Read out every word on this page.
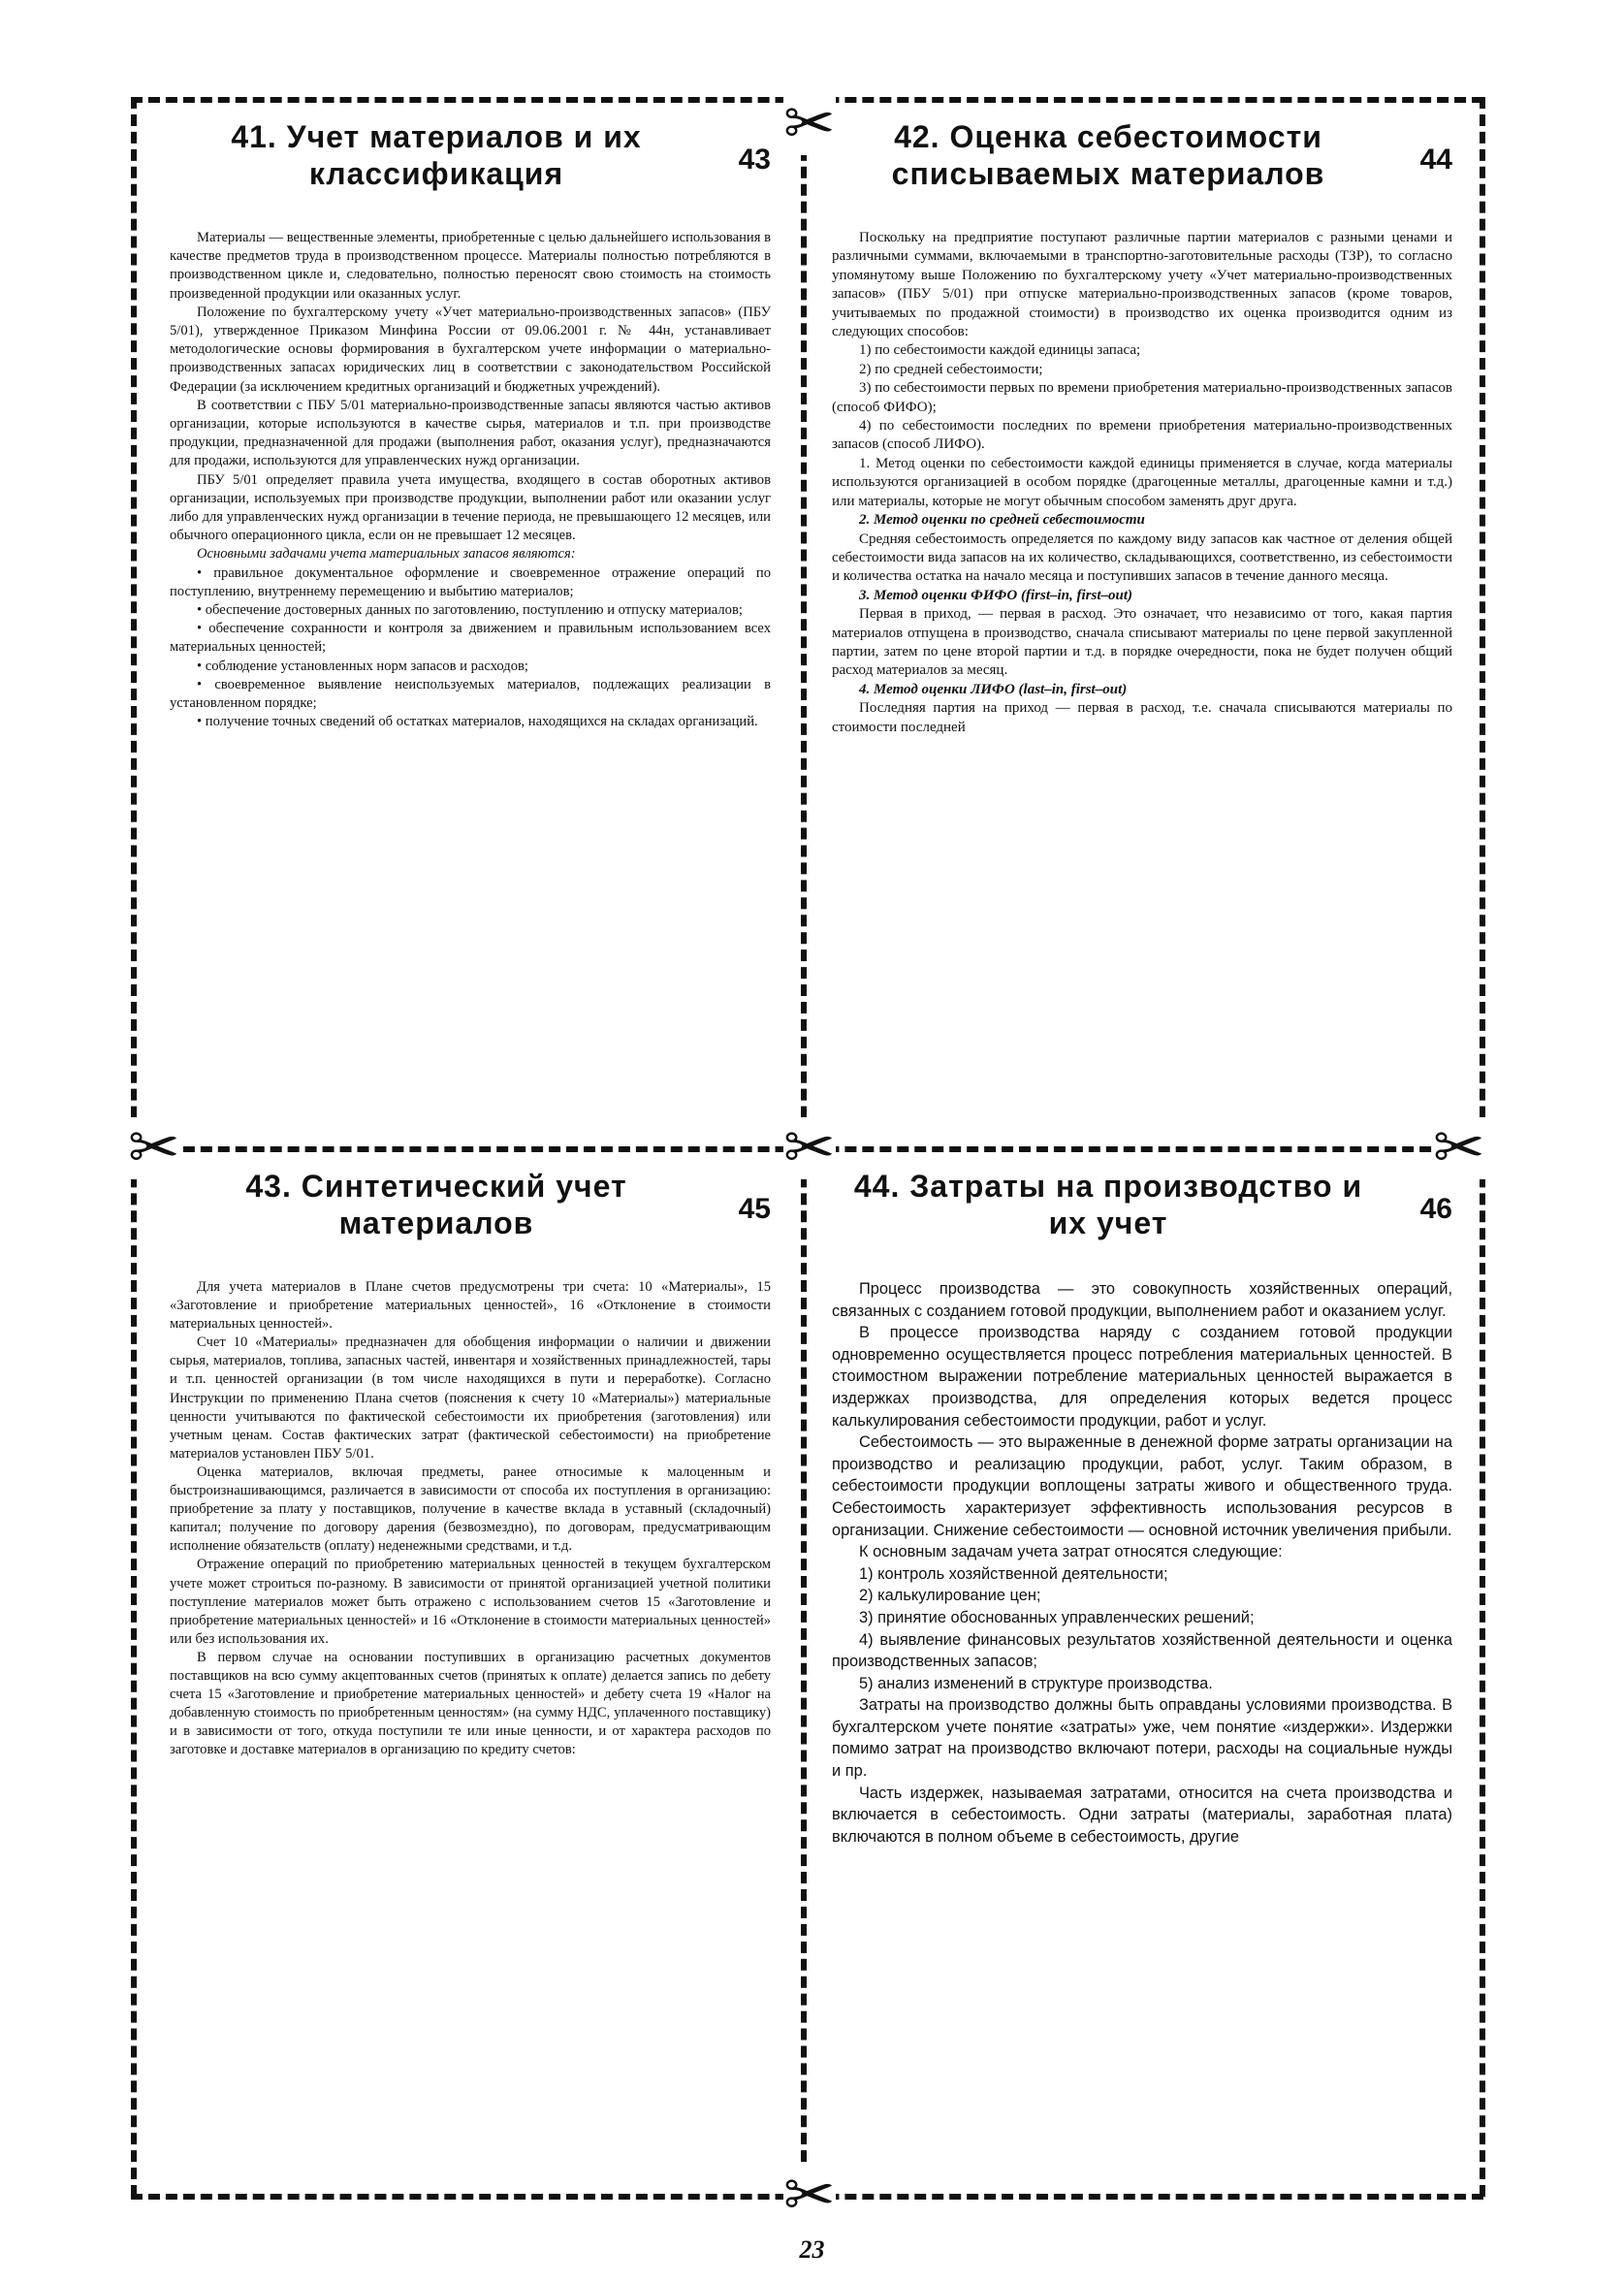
✂
✂	✂	✂
✂
41. Учет материалов и их классификация	43

Материалы — вещественные элементы, приобретенные с целью дальнейшего использования в качестве предметов труда в производственном процессе. Материалы полностью потребляются в производственном цикле и, следовательно, полностью переносят свою стоимость на стоимость произведенной продукции или оказанных услуг.

Положение по бухгалтерскому учету «Учет материально-производственных запасов» (ПБУ 5/01), утвержденное Приказом Минфина России от 09.06.2001 г. № 44н, устанавливает методологические основы формирования в бухгалтерском учете информации о материально-производственных запасах юридических лиц в соответствии с законодательством Российской Федерации (за исключением кредитных организаций и бюджетных учреждений).

В соответствии с ПБУ 5/01 материально-производственные запасы являются частью активов организации, которые используются в качестве сырья, материалов и т.п. при производстве продукции, предназначенной для продажи (выполнения работ, оказания услуг), предназначаются для продажи, используются для управленческих нужд организации.

ПБУ 5/01 определяет правила учета имущества, входящего в состав оборотных активов организации, используемых при производстве продукции, выполнении работ или оказании услуг либо для управленческих нужд организации в течение периода, не превышающего 12 месяцев, или обычного операционного цикла, если он не превышает 12 месяцев.

Основными задачами учета материальных запасов являются:

• правильное документальное оформление и своевременное отражение операций по поступлению, внутреннему перемещению и выбытию материалов;

• обеспечение достоверных данных по заготовлению, поступлению и отпуску материалов;

• обеспечение сохранности и контроля за движением и правильным использованием всех материальных ценностей;

• соблюдение установленных норм запасов и расходов;

• своевременное выявление неиспользуемых материалов, подлежащих реализации в установленном порядке;

• получение точных сведений об остатках материалов, находящихся на складах организаций.

42. Оценка себестоимости списываемых материалов	44

Поскольку на предприятие поступают различные партии материалов с разными ценами и различными суммами, включаемыми в транспортно-заготовительные расходы (ТЗР), то согласно упомянутому выше Положению по бухгалтерскому учету «Учет материально-производственных запасов» (ПБУ 5/01) при отпуске материально-производственных запасов (кроме товаров, учитываемых по продажной стоимости) в производство их оценка производится одним из следующих способов:

1) по себестоимости каждой единицы запаса;

2) по средней себестоимости;

3) по себестоимости первых по времени приобретения материально-производственных запасов (способ ФИФО);

4) по себестоимости последних по времени приобретения материально-производственных запасов (способ ЛИФО).

1. Метод оценки по себестоимости каждой единицы применяется в случае, когда материалы используются организацией в особом порядке (драгоценные металлы, драгоценные камни и т.д.) или материалы, которые не могут обычным способом заменять друг друга.

2. Метод оценки по средней себестоимости

Средняя себестоимость определяется по каждому виду запасов как частное от деления общей себестоимости вида запасов на их количество, складывающихся, соответственно, из себестоимости и количества остатка на начало месяца и поступивших запасов в течение данного месяца.

3. Метод оценки ФИФО (first–in, first–out)

Первая в приход, — первая в расход. Это означает, что независимо от того, какая партия материалов отпущена в производство, сначала списывают материалы по цене первой закупленной партии, затем по цене второй партии и т.д. в порядке очередности, пока не будет получен общий расход материалов за месяц.

4. Метод оценки ЛИФО (last–in, first–out)

Последняя партия на приход — первая в расход, т.е. сначала списываются материалы по стоимости последней

43. Синтетический учет материалов	45

Для учета материалов в Плане счетов предусмотрены три счета: 10 «Материалы», 15 «Заготовление и приобретение материальных ценностей», 16 «Отклонение в стоимости материальных ценностей».

Счет 10 «Материалы» предназначен для обобщения информации о наличии и движении сырья, материалов, топлива, запасных частей, инвентаря и хозяйственных принадлежностей, тары и т.п. ценностей организации (в том числе находящихся в пути и переработке). Согласно Инструкции по применению Плана счетов (пояснения к счету 10 «Материалы») материальные ценности учитываются по фактической себестоимости их приобретения (заготовления) или учетным ценам. Состав фактических затрат (фактической себестоимости) на приобретение материалов установлен ПБУ 5/01.

Оценка материалов, включая предметы, ранее относимые к малоценным и быстроизнашивающимся, различается в зависимости от способа их поступления в организацию: приобретение за плату у поставщиков, получение в качестве вклада в уставный (складочный) капитал; получение по договору дарения (безвозмездно), по договорам, предусматривающим исполнение обязательств (оплату) неденежными средствами, и т.д.

Отражение операций по приобретению материальных ценностей в текущем бухгалтерском учете может строиться по-разному. В зависимости от принятой организацией учетной политики поступление материалов может быть отражено с использованием счетов 15 «Заготовление и приобретение материальных ценностей» и 16 «Отклонение в стоимости материальных ценностей» или без использования их.

В первом случае на основании поступивших в организацию расчетных документов поставщиков на всю сумму акцептованных счетов (принятых к оплате) делается запись по дебету счета 15 «Заготовление и приобретение материальных ценностей» и дебету счета 19 «Налог на добавленную стоимость по приобретенным ценностям» (на сумму НДС, уплаченного поставщику) и в зависимости от того, откуда поступили те или иные ценности, и от характера расходов по заготовке и доставке материалов в организацию по кредиту счетов:

44. Затраты на производство и их учет	46

Процесс производства — это совокупность хозяйственных операций, связанных с созданием готовой продукции, выполнением работ и оказанием услуг.

В процессе производства наряду с созданием готовой продукции одновременно осуществляется процесс потребления материальных ценностей. В стоимостном выражении потребление материальных ценностей выражается в издержках производства, для определения которых ведется процесс калькулирования себестоимости продукции, работ и услуг.

Себестоимость — это выраженные в денежной форме затраты организации на производство и реализацию продукции, работ, услуг. Таким образом, в себестоимости продукции воплощены затраты живого и общественного труда. Себестоимость характеризует эффективность использования ресурсов в организации. Снижение себестоимости — основной источник увеличения прибыли.

К основным задачам учета затрат относятся следующие:

1) контроль хозяйственной деятельности;

2) калькулирование цен;

3) принятие обоснованных управленческих решений;

4) выявление финансовых результатов хозяйственной деятельности и оценка производственных запасов;

5) анализ изменений в структуре производства.

Затраты на производство должны быть оправданы условиями производства. В бухгалтерском учете понятие «затраты» уже, чем понятие «издержки». Издержки помимо затрат на производство включают потери, расходы на социальные нужды и пр.

Часть издержек, называемая затратами, относится на счета производства и включается в себестоимость. Одни затраты (материалы, заработная плата) включаются в полном объеме в себестоимость, другие

23
